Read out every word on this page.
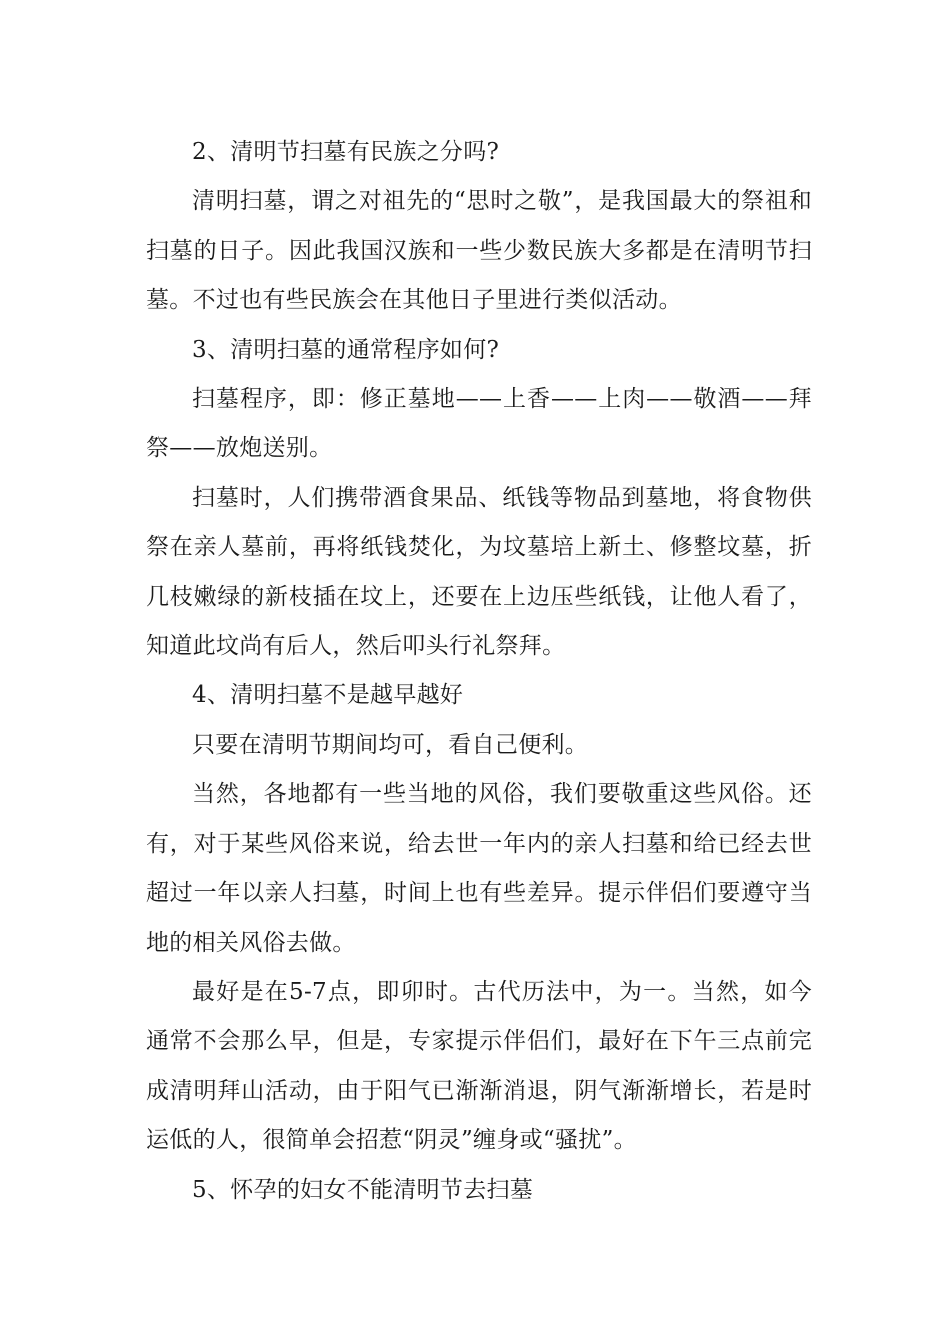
2、清明节扫墓有民族之分吗?

清明扫墓，谓之对祖先的“思时之敬”，是我国最大的祭祖和扫墓的日子。因此我国汉族和一些少数民族大多都是在清明节扫墓。不过也有些民族会在其他日子里进行类似活动。

3、清明扫墓的通常程序如何?

扫墓程序，即：修正墓地——上香——上肉——敬酒——拜祭——放炮送别。

扫墓时，人们携带酒食果品、纸钱等物品到墓地，将食物供祭在亲人墓前，再将纸钱焚化，为坟墓培上新土、修整坟墓，折几枝嫩绿的新枝插在坟上，还要在上边压些纸钱，让他人看了，知道此坟尚有后人，然后叩头行礼祭拜。

4、清明扫墓不是越早越好

只要在清明节期间均可，看自己便利。

当然，各地都有一些当地的风俗，我们要敬重这些风俗。还有，对于某些风俗来说，给去世一年内的亲人扫墓和给已经去世超过一年以亲人扫墓，时间上也有些差异。提示伴侣们要遵守当地的相关风俗去做。

最好是在5-7点，即卯时。古代历法中，为一。当然，如今通常不会那么早，但是，专家提示伴侣们，最好在下午三点前完成清明拜山活动，由于阳气已渐渐消退，阴气渐渐增长，若是时运低的人，很简单会招惹“阴灵”缠身或“骚扰”。

5、怀孕的妇女不能清明节去扫墓
